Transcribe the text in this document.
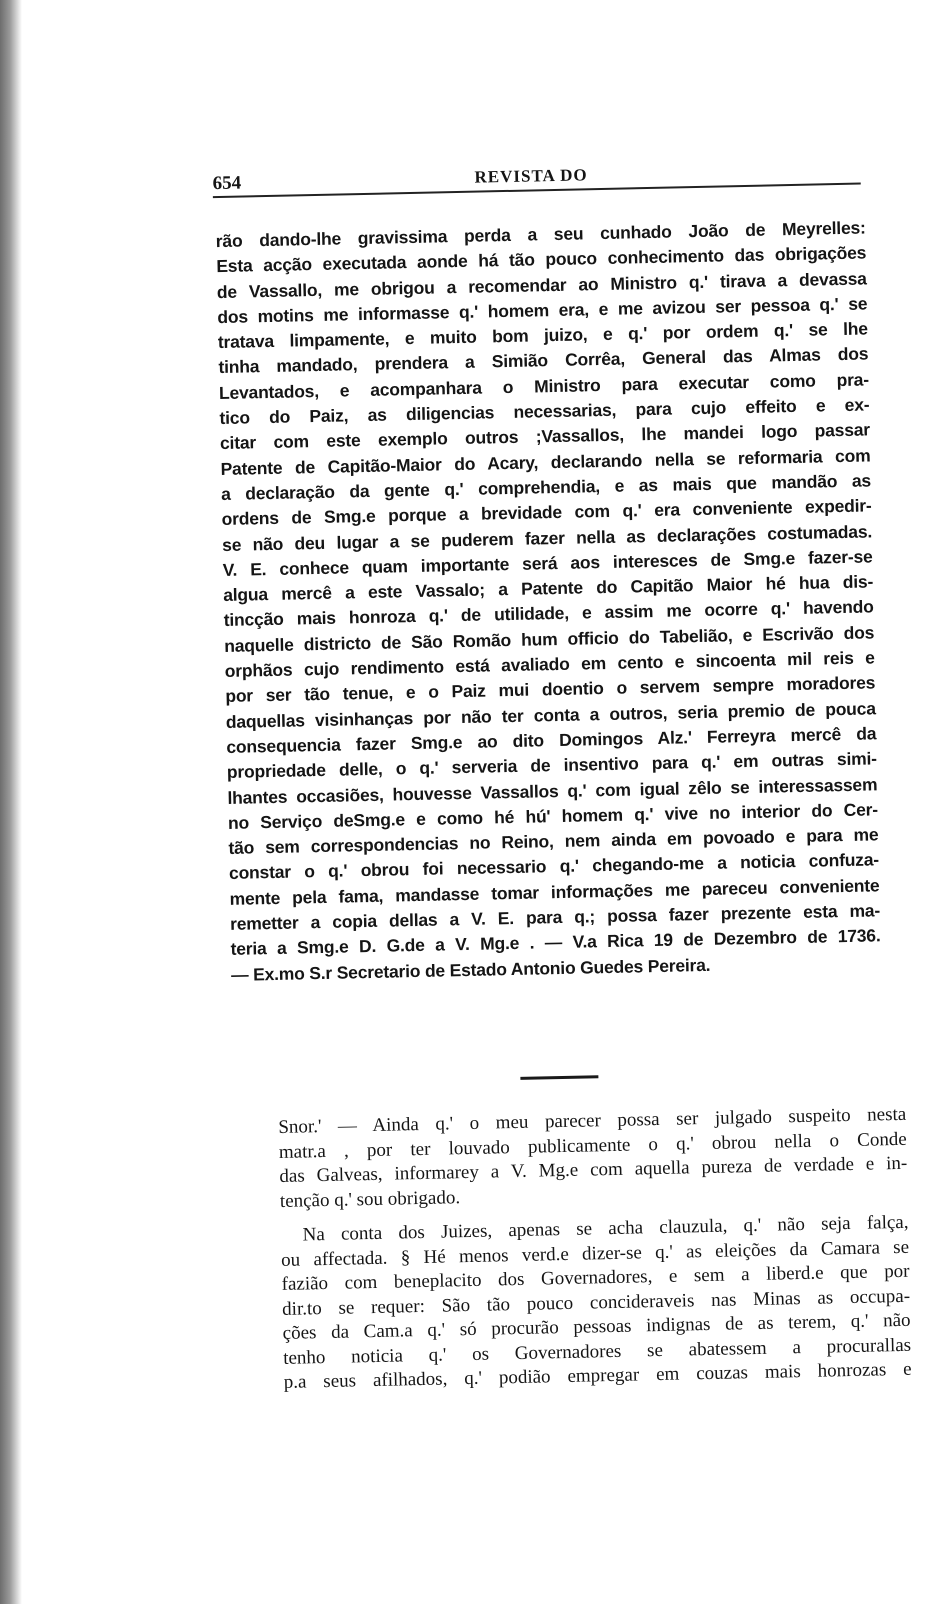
654	REVISTA DO
rão dando-lhe gravissima perda a seu cunhado João de Meyrelles:
Esta acção executada aonde há tão pouco conhecimento das obrigações
de Vassallo, me obrigou a recomendar ao Ministro q.' tirava a devassa
dos motins me informasse q.' homem era, e me avizou ser pessoa q.' se
tratava limpamente, e muito bom juizo, e q.' por ordem q.' se lhe
tinha mandado, prendera a Simião Corrêa, General das Almas dos
Levantados, e acompanhara o Ministro para executar como pra-
tico do Paiz, as diligencias necessarias, para cujo effeito e ex-
citar com este exemplo outros ;Vassallos, lhe mandei logo passar
Patente de Capitão-Maior do Acary, declarando nella se reformaria com
a declaração da gente q.' comprehendia, e as mais que mandão as
ordens de Smg.e porque a brevidade com q.' era conveniente expedir-
se não deu lugar a se puderem fazer nella as declarações costumadas.
V. E. conhece quam importante será aos interesces de Smg.e fazer-se
algua mercê a este Vassalo; a Patente do Capitão Maior hé hua dis-
tincção mais honroza q.' de utilidade, e assim me ocorre q.' havendo
naquelle districto de São Romão hum officio do Tabelião, e Escrivão dos
orphãos cujo rendimento está avaliado em cento e sincoenta mil reis e
por ser tão tenue, e o Paiz mui doentio o servem sempre moradores
daquellas visinhanças por não ter conta a outros, seria premio de pouca
consequencia fazer Smg.e ao dito Domingos Alz.' Ferreyra mercê da
propriedade delle, o q.' serveria de insentivo para q.' em outras simi-
lhantes occasiões, houvesse Vassallos q.' com igual zêlo se interessassem
no Serviço deSmg.e e como hé hú' homem q.' vive no interior do Cer-
tão sem correspondencias no Reino, nem ainda em povoado e para me
constar o q.' obrou foi necessario q.' chegando-me a noticia confuza-
mente pela fama, mandasse tomar informações me pareceu conveniente
remetter a copia dellas a V. E. para q.; possa fazer prezente esta ma-
teria a Smg.e D. G.de a V. Mg.e . — V.a Rica 19 de Dezembro de 1736.
— Ex.mo S.r Secretario de Estado Antonio Guedes Pereira.
Snor.' — Ainda q.' o meu parecer possa ser julgado suspeito nesta
matr.a , por ter louvado publicamente o q.' obrou nella o Conde
das Galveas, informarey a V. Mg.e com aquella pureza de verdade e in-
tenção q.' sou obrigado.
Na conta dos Juizes, apenas se acha clauzula, q.' não seja falça,
ou affectada. § Hé menos verd.e dizer-se q.' as eleições da Camara se
fazião com beneplacito dos Governadores, e sem a liberd.e que por
dir.to se requer: São tão pouco concideraveis nas Minas as occupa-
ções da Cam.a q.' só procurão pessoas indignas de as terem, q.' não
tenho noticia q.' os Governadores se abatessem a procurallas
p.a seus afilhados, q.' podião empregar em couzas mais honrozas e
